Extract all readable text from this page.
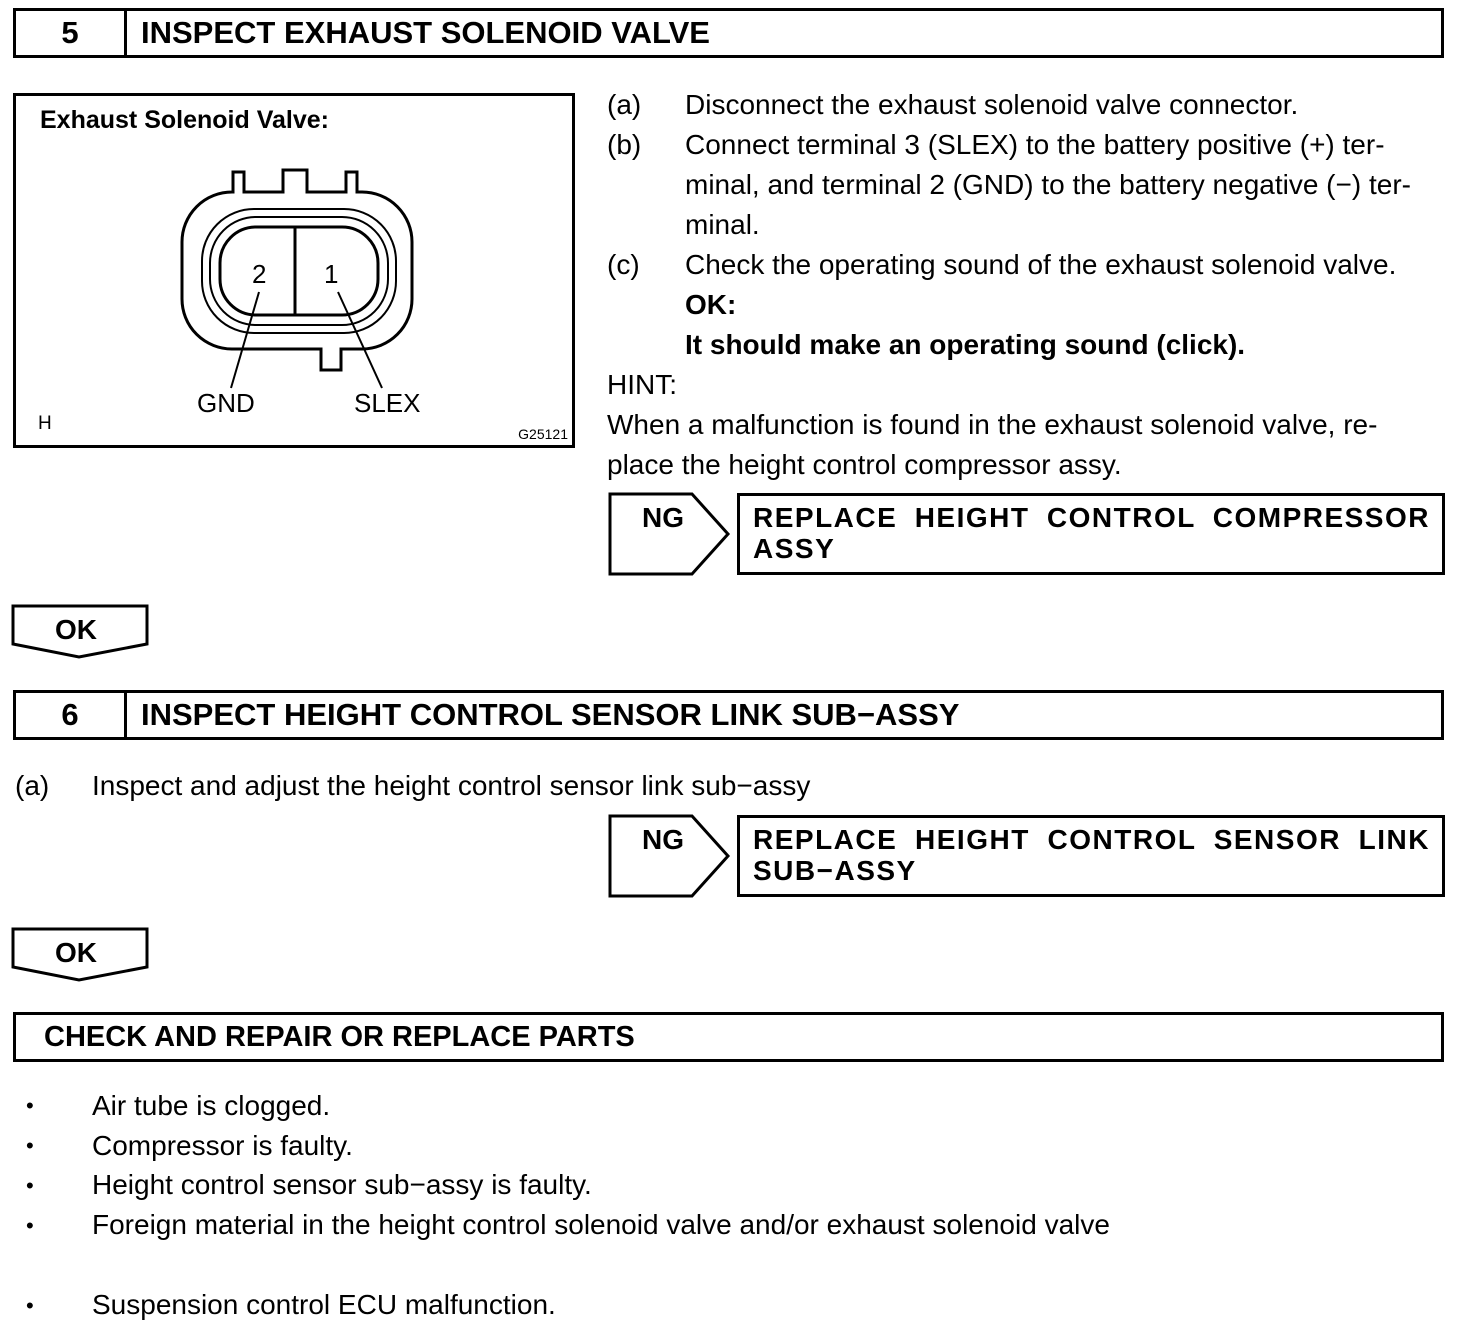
5	INSPECT EXHAUST SOLENOID VALVE
Exhaust Solenoid Valve:
2 1
GND	SLEX
H	G25121
(a) Disconnect the exhaust solenoid valve connector.
(b) Connect terminal 3 (SLEX) to the battery positive (+) ter-
minal, and terminal 2 (GND) to the battery negative (−) ter-
minal.
(c) Check the operating sound of the exhaust solenoid valve.
OK:
It should make an operating sound (click).
HINT:
When a malfunction is found in the exhaust solenoid valve, re-
place the height control compressor assy.
NG REPLACE HEIGHT CONTROL COMPRESSOR
ASSY
OK
6	INSPECT HEIGHT CONTROL SENSOR LINK SUB−ASSY
(a) Inspect and adjust the height control sensor link sub−assy
NG REPLACE HEIGHT CONTROL SENSOR LINK
SUB−ASSY
OK
CHECK AND REPAIR OR REPLACE PARTS
• Air tube is clogged.
• Compressor is faulty.
• Height control sensor sub−assy is faulty.
• Foreign material in the height control solenoid valve and/or exhaust solenoid valve
• Suspension control ECU malfunction.
